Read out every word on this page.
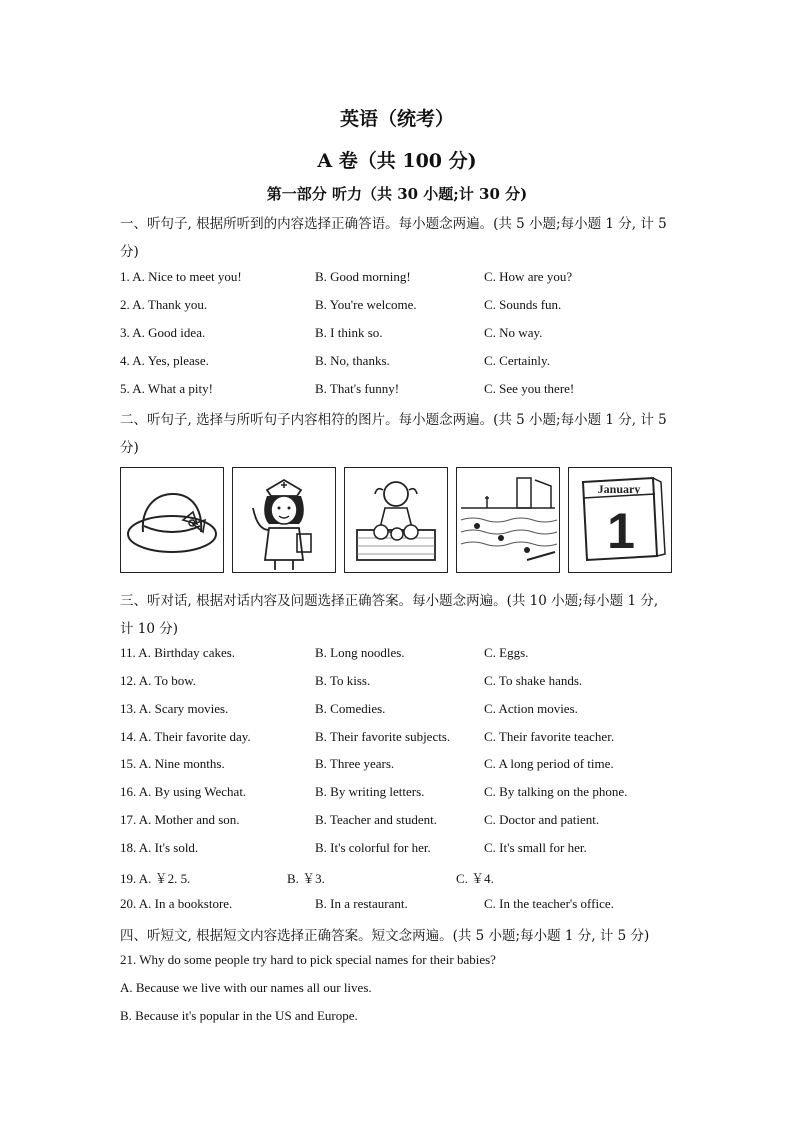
英语（统考）
A 卷（共 100 分)
第一部分 听力（共 30 小题;计 30 分)
一、听句子, 根据所听到的内容选择正确答语。每小题念两遍。(共 5 小题;每小题 1 分, 计 5
分)
1. A. Nice to meet you!	B. Good morning!	C. How are you?
2. A. Thank you.	B. You're welcome.	C. Sounds fun.
3. A. Good idea.	B. I think so.	C. No way.
4. A. Yes, please.	B. No, thanks.	C. Certainly.
5. A. What a pity!	B. That's funny!	C. See you there!
二、听句子, 选择与所听句子内容相符的图片。每小题念两遍。(共 5 小题;每小题 1 分, 计 5
分)
January
1
三、听对话, 根据对话内容及问题选择正确答案。每小题念两遍。(共 10 小题;每小题 1 分,
计 10 分)
11. A. Birthday cakes.	B. Long noodles.	C. Eggs.
12. A. To bow.	B. To kiss.	C. To shake hands.
13. A. Scary movies.	B. Comedies.	C. Action movies.
14. A. Their favorite day.	B. Their favorite subjects.	C. Their favorite teacher.
15. A. Nine months.	B. Three years.	C. A long period of time.
16. A. By using Wechat.	B. By writing letters.	C. By talking on the phone.
17. A. Mother and son.	B. Teacher and student.	C. Doctor and patient.
18. A. It's sold.	B. It's colorful for her.	C. It's small for her.
19. A. ￥2. 5.	B. ￥3.	C. ￥4.
20. A. In a bookstore.	B. In a restaurant.	C. In the teacher's office.
四、听短文, 根据短文内容选择正确答案。短文念两遍。(共 5 小题;每小题 1 分, 计 5 分)
21. Why do some people try hard to pick special names for their babies?
A. Because we live with our names all our lives.
B. Because it's popular in the US and Europe.
